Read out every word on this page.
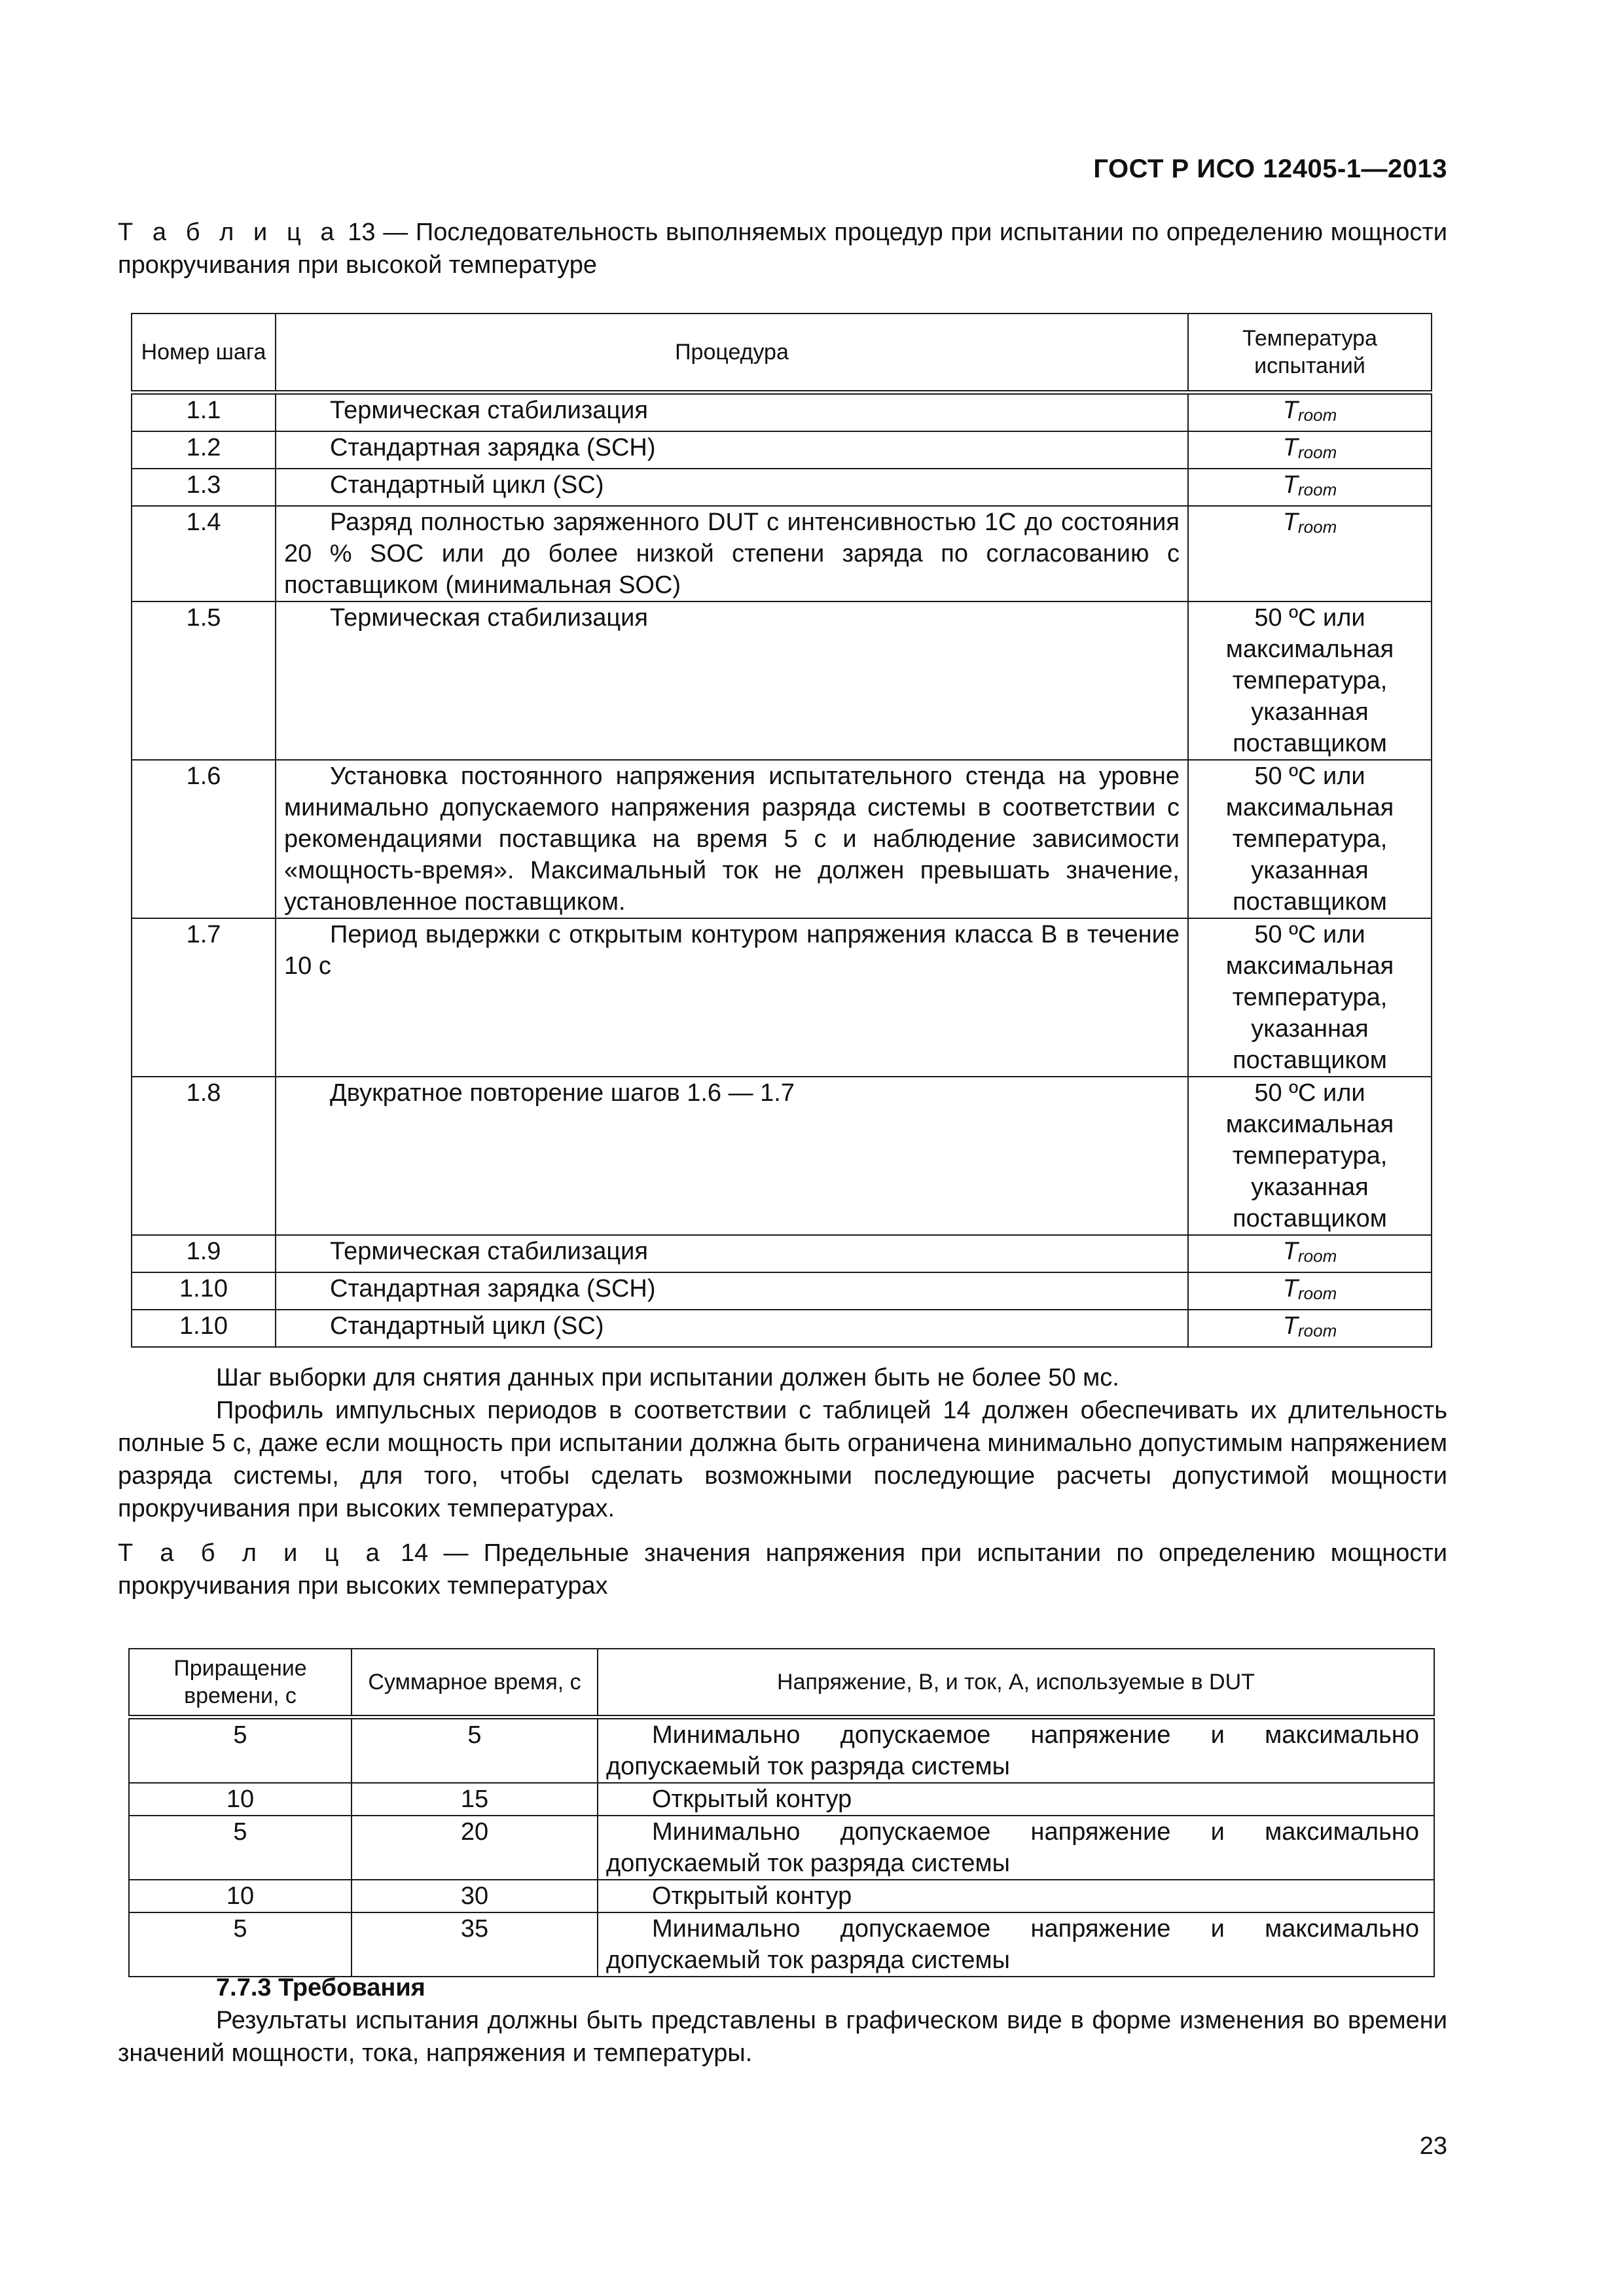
ГОСТ Р ИСО 12405-1—2013
Т а б л и ц а 13 — Последовательность выполняемых процедур при испытании по определению мощности прокручивания при высокой температуре
Номер шага	Процедура	Температура испытаний
1.1	Термическая стабилизация	$T_{room}$
1.2	Стандартная зарядка (SCH)	$T_{room}$
1.3	Стандартный цикл (SC)	$T_{room}$
1.4	Разряд полностью заряженного DUT с интенсивностью 1C до состояния 20 % SOC или до более низкой степени заряда по согласованию с поставщиком (минимальная SOC)	$T_{room}$
1.5	Термическая стабилизация	50 ºC или максимальная температура, указанная поставщиком
1.6	Установка постоянного напряжения испытательного стенда на уровне минимально допускаемого напряжения разряда системы в соответствии с рекомендациями поставщика на время 5 с и наблюдение зависимости «мощность-время». Максимальный ток не должен превышать значение, установленное поставщиком.	50 ºC или максимальная температура, указанная поставщиком
1.7	Период выдержки с открытым контуром напряжения класса В в течение 10 с	50 ºC или максимальная температура, указанная поставщиком
1.8	Двукратное повторение шагов 1.6 — 1.7	50 ºC или максимальная температура, указанная поставщиком
1.9	Термическая стабилизация	$T_{room}$
1.10	Стандартная зарядка (SCH)	$T_{room}$
1.10	Стандартный цикл (SC)	$T_{room}$

Шаг выборки для снятия данных при испытании должен быть не более 50 мс.

Профиль импульсных периодов в соответствии с таблицей 14 должен обеспечивать их длительность полные 5 с, даже если мощность при испытании должна быть ограничена минимально допустимым напряжением разряда системы, для того, чтобы сделать возможными последующие расчеты допустимой мощности прокручивания при высоких температурах.

Т а б л и ц а 14 — Предельные значения напряжения при испытании по определению мощности прокручивания при высоких температурах
Приращение времени, с	Суммарное время, с	Напряжение, В, и ток, А, используемые в DUT
5	5	Минимально допускаемое напряжение и максимально допускаемый ток разряда системы
10	15	Открытый контур
5	20	Минимально допускаемое напряжение и максимально допускаемый ток разряда системы
10	30	Открытый контур
5	35	Минимально допускаемое напряжение и максимально допускаемый ток разряда системы
7.7.3 Требования
Результаты испытания должны быть представлены в графическом виде в форме изменения во времени значений мощности, тока, напряжения и температуры.
23
